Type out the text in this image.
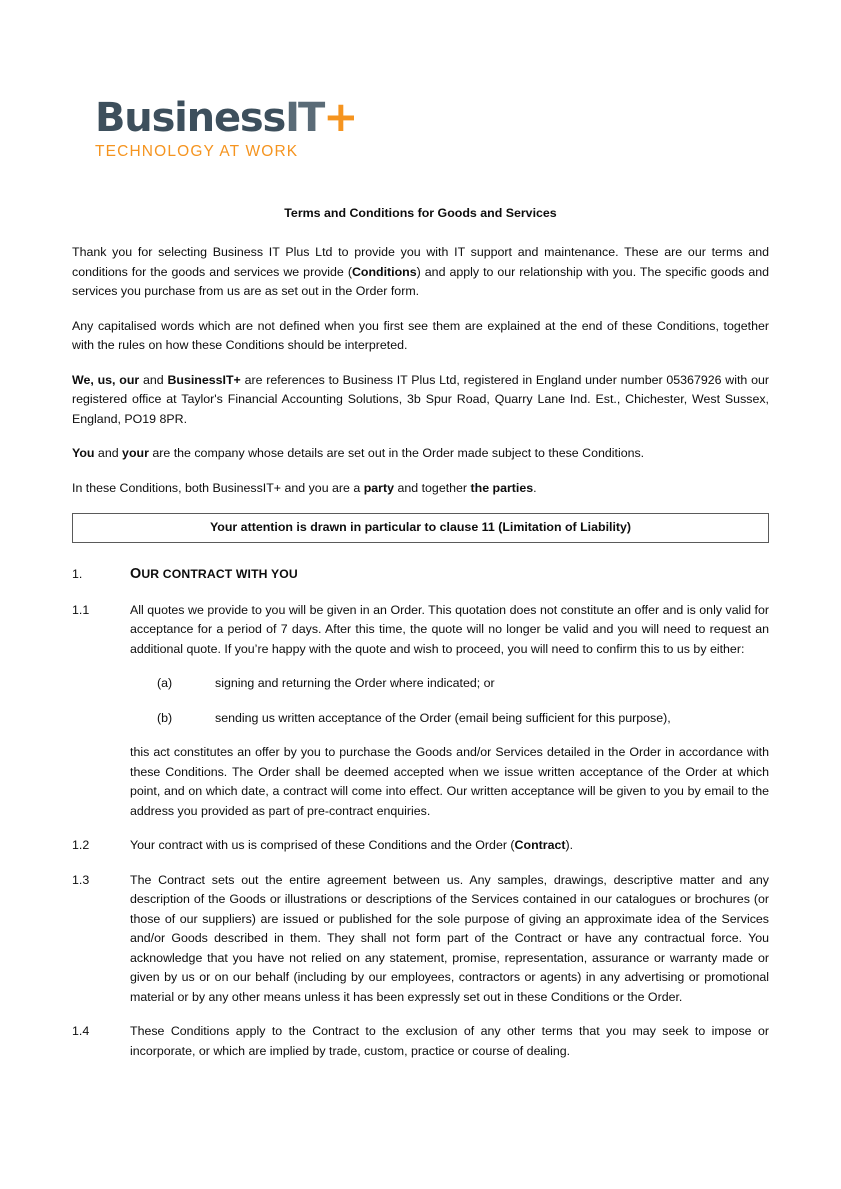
BusinessIT+
TECHNOLOGY AT WORK
Terms and Conditions for Goods and Services

Thank you for selecting Business IT Plus Ltd to provide you with IT support and maintenance. These are our terms and conditions for the goods and services we provide (Conditions) and apply to our relationship with you. The specific goods and services you purchase from us are as set out in the Order form.

Any capitalised words which are not defined when you first see them are explained at the end of these Conditions, together with the rules on how these Conditions should be interpreted.

We, us, our and BusinessIT+ are references to Business IT Plus Ltd, registered in England under number 05367926 with our registered office at Taylor's Financial Accounting Solutions, 3b Spur Road, Quarry Lane Ind. Est., Chichester, West Sussex, England, PO19 8PR.

You and your are the company whose details are set out in the Order made subject to these Conditions.

In these Conditions, both BusinessIT+ and you are a party and together the parties.

Your attention is drawn in particular to clause 11 (Limitation of Liability)
1.	OUR CONTRACT WITH YOU
1.1	All quotes we provide to you will be given in an Order. This quotation does not constitute an offer and is only valid for acceptance for a period of 7 days. After this time, the quote will no longer be valid and you will need to request an additional quote. If you’re happy with the quote and wish to proceed, you will need to confirm this to us by either:
(a)	signing and returning the Order where indicated; or
(b)	sending us written acceptance of the Order (email being sufficient for this purpose),
this act constitutes an offer by you to purchase the Goods and/or Services detailed in the Order in accordance with these Conditions. The Order shall be deemed accepted when we issue written acceptance of the Order at which point, and on which date, a contract will come into effect. Our written acceptance will be given to you by email to the address you provided as part of pre-contract enquiries.
1.2	Your contract with us is comprised of these Conditions and the Order (Contract).
1.3	The Contract sets out the entire agreement between us. Any samples, drawings, descriptive matter and any description of the Goods or illustrations or descriptions of the Services contained in our catalogues or brochures (or those of our suppliers) are issued or published for the sole purpose of giving an approximate idea of the Services and/or Goods described in them. They shall not form part of the Contract or have any contractual force. You acknowledge that you have not relied on any statement, promise, representation, assurance or warranty made or given by us or on our behalf (including by our employees, contractors or agents) in any advertising or promotional material or by any other means unless it has been expressly set out in these Conditions or the Order.
1.4	These Conditions apply to the Contract to the exclusion of any other terms that you may seek to impose or incorporate, or which are implied by trade, custom, practice or course of dealing.
